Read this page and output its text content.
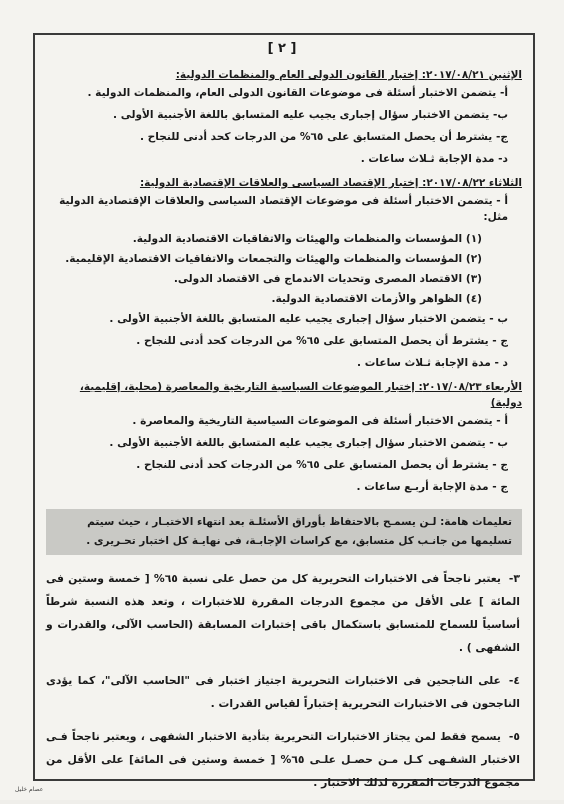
[ ٢ ]
الإثنين ٢٠١٧/٠٨/٢١: إختبار القانون الدولى العام والمنظمات الدولية:
أ- يتضمن الاختبار أسئلة فى موضوعات القانون الدولى العام، والمنظمات الدولية .
ب- يتضمن الاختبار سؤال إجبارى يجيب عليه المتسابق باللغة الأجنبية الأولى .
ج- يشترط أن يحصل المتسابق على ٦٥% من الدرجات كحد أدنى للنجاح .
د- مدة الإجابة ثـلاث ساعات .
الثلاثاء ٢٠١٧/٠٨/٢٢: إختبار الإقتصاد السياسى والعلاقات الإقتصادية الدولية:
أ - يتضمن الاختبار أسئلة فى موضوعات الإقتصاد السياسى والعلاقات الإقتصادية الدولية مثل:
(١) المؤسسات والمنظمات والهيئات والاتفاقيات الاقتصادية الدولية.
(٢) المؤسسات والمنظمات والهيئات والتجمعات والاتفاقيات الاقتصادية الإقليمية.
(٣) الاقتصاد المصرى وتحديات الاندماج فى الاقتصاد الدولى.
(٤) الظواهر والأزمات الاقتصادية الدولية.
ب - يتضمن الاختبار سؤال إجبارى يجيب عليه المتسابق باللغة الأجنبية الأولى .
ج - يشترط أن يحصل المتسابق على ٦٥% من الدرجات كحد أدنى للنجاح .
د - مدة الإجابة ثـلاث ساعات .
الأربعاء ٢٠١٧/٠٨/٢٣: إختبار الموضوعات السياسية التاريخية والمعاصرة (محلية، إقليمية، دولية)
أ - يتضمن الاختبار أسئلة فى الموضوعات السياسية التاريخية والمعاصرة .
ب - يتضمن الاختبار سؤال إجبارى يجيب عليه المتسابق باللغة الأجنبية الأولى .
ج - يشترط أن يحصل المتسابق على ٦٥% من الدرجات كحد أدنى للنجاح .
ج - مدة الإجابة أربـع ساعات .
تعليمات هامة: لـن يسمـح بالاحتفاظ بأوراق الأسئلـة بعد انتهاء الاختبـار ، حيث سيتم تسليمها من جانـب كل متسابق، مع كراسات الإجابـة، فى نهايـة كل اختبار تحـريرى .
٣-يعتبر ناجحاً فى الاختبارات التحريرية كل من حصل على نسبة ٦٥% [ خمسة وستين فى المائة ] على الأقل من مجموع الدرجات المقررة للاختبارات ، وتعد هذه النسبة شرطاً أساسياً للسماح للمتسابق باستكمال باقى إختبارات المسابقة (الحاسب الآلى، والقدرات و الشفهى ) .
٤-على الناجحين فى الاختبارات التحريرية اجتياز اختبار فى "الحاسب الآلى"، كما يؤدى الناجحون فى الاختبارات التحريرية إختباراً لقياس القدرات .
٥-يسمح فقط لمن يجتاز الاختبارات التحريرية بتأدية الاختبار الشفهى ، ويعتبر ناجحاً فـى الاختبار الشفـهى كـل مـن حصـل علـى ٦٥% [ خمسة وستين فى المائة] على الأقل من مجموع الدرجات المقررة لذلك الاختبار .
عصام خليل
